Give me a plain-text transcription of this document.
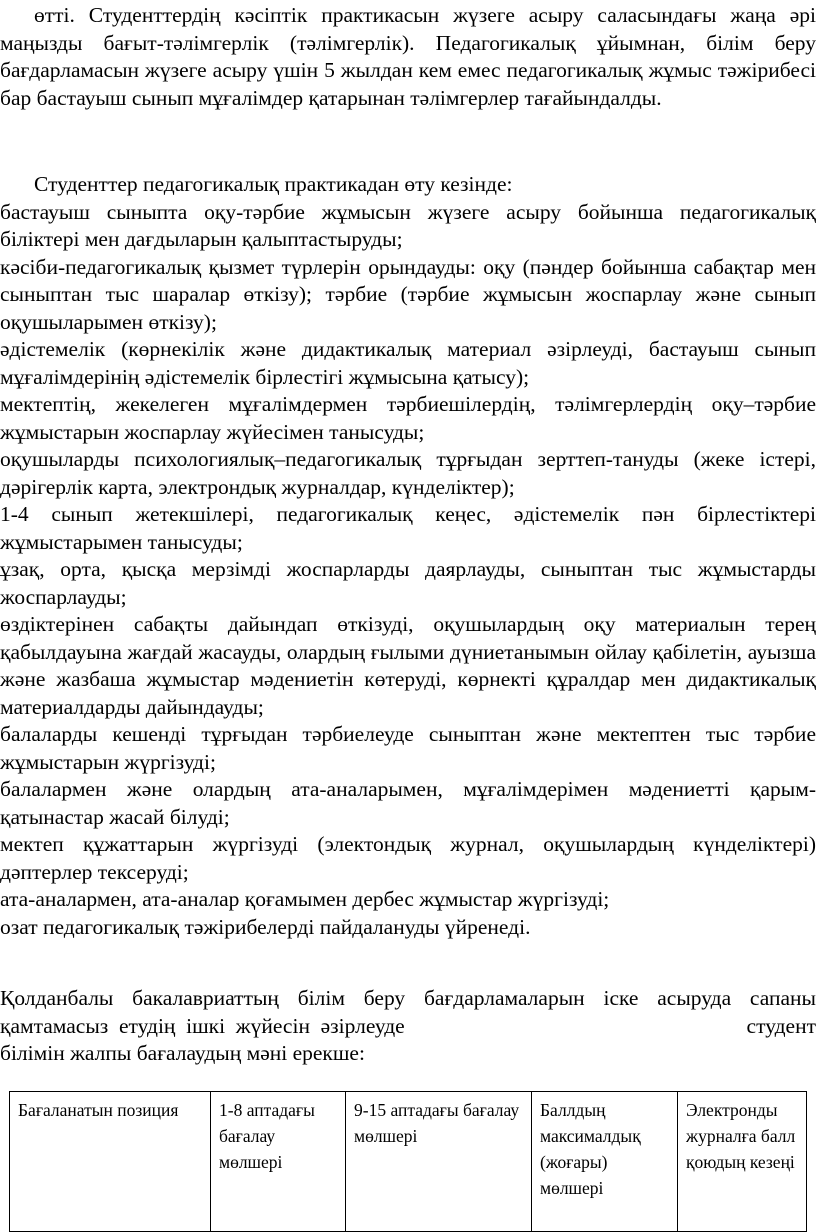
өтті. Студенттердің кәсіптік практикасын жүзеге асыру саласындағы жаңа әрі маңызды бағыт-тәлімгерлік (тәлімгерлік). Педагогикалық ұйымнан, білім беру бағдарламасын жүзеге асыру үшін 5 жылдан кем емес педагогикалық жұмыс тәжірибесі бар бастауыш сынып мұғалімдер қатарынан тәлімгерлер тағайындалды.

Студенттер педагогикалық практикадан өту кезінде:

бастауыш сыныпта оқу-тәрбие жұмысын жүзеге асыру бойынша педагогикалық біліктері мен дағдыларын қалыптастыруды;

кәсіби-педагогикалық қызмет түрлерін орындауды: оқу (пәндер бойынша сабақтар мен сыныптан тыс шаралар өткізу); тәрбие (тәрбие жұмысын жоспарлау және сынып оқушыларымен өткізу);

әдістемелік (көрнекілік және дидактикалық материал әзірлеуді, бастауыш сынып мұғалімдерінің әдістемелік бірлестігі жұмысына қатысу);

мектептің, жекелеген мұғалімдермен тәрбиешілердің, тәлімгерлердің оқу–тәрбие жұмыстарын жоспарлау жүйесімен танысуды;

оқушыларды психологиялық–педагогикалық тұрғыдан зерттеп-тануды (жеке істері, дәрігерлік карта, электрондық журналдар, күнделіктер);

1-4 сынып жетекшілері, педагогикалық кеңес, әдістемелік пән бірлестіктері жұмыстарымен танысуды;

ұзақ, орта, қысқа мерзімді жоспарларды даярлауды, сыныптан тыс жұмыстарды жоспарлауды;

өздіктерінен сабақты дайындап өткізуді, оқушылардың оқу материалын терең қабылдауына жағдай жасауды, олардың ғылыми дүниетанымын ойлау қабілетін, ауызша және жазбаша жұмыстар мәдениетін көтеруді, көрнекті құралдар мен дидактикалық материалдарды дайындауды;

балаларды кешенді тұрғыдан тәрбиелеуде сыныптан және мектептен тыс тәрбие жұмыстарын жүргізуді;

балалармен және олардың ата-аналарымен, мұғалімдерімен мәдениетті қарым-қатынастар жасай білуді;

мектеп құжаттарын жүргізуді (электондық журнал, оқушылардың күнделіктері) дәптерлер тексеруді;

ата-аналармен, ата-аналар қоғамымен дербес жұмыстар жүргізуді;

озат педагогикалық тәжірибелерді пайдалануды үйренеді.

Қолданбалы бакалавриаттың білім беру бағдарламаларын іске асыруда сапаны

қамтамасыз етудің ішкі жүйесін әзірлеуде                                студент

білімін жалпы бағалаудың мәні ерекше:

Бағаланатын позиция	1-8 аптадағы бағалау мөлшері	9-15 аптадағы бағалау мөлшері	Баллдың максималдық (жоғары) мөлшері	Электронды журналға балл қоюдың кезеңі
